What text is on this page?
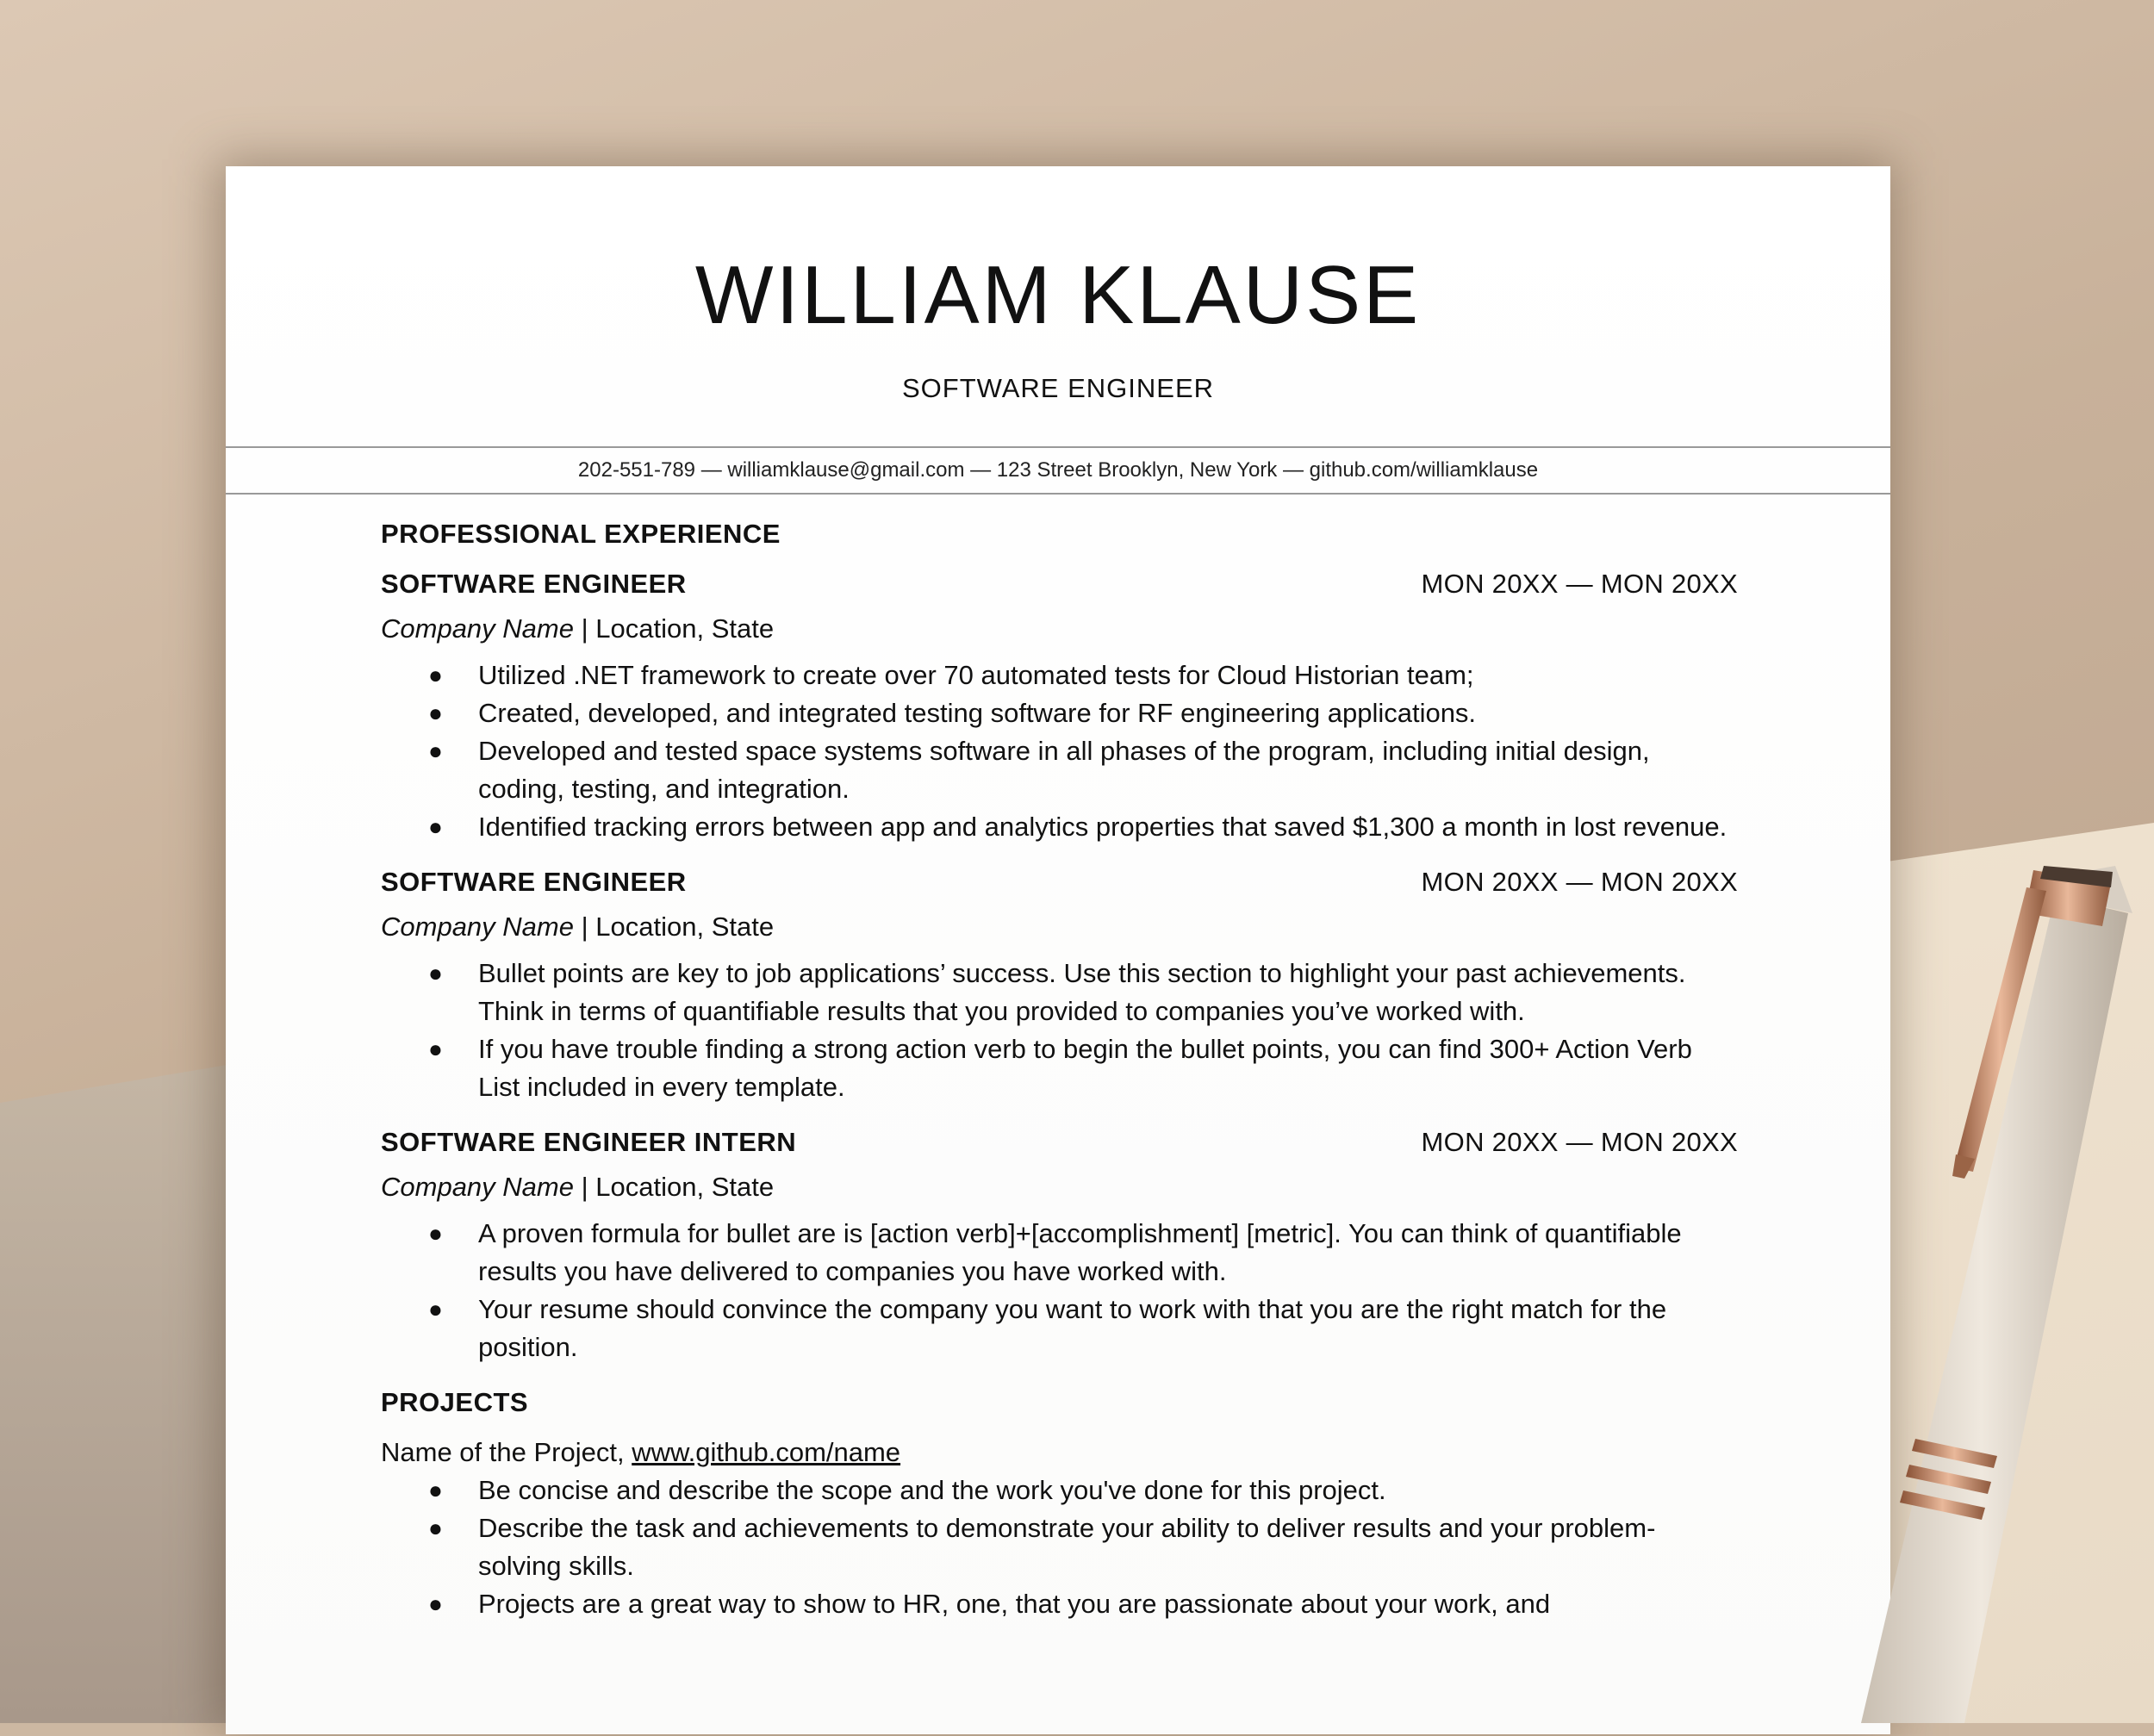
WILLIAM KLAUSE
SOFTWARE ENGINEER
202-551-789 — williamklause@gmail.com — 123 Street Brooklyn, New York — github.com/williamklause
PROFESSIONAL EXPERIENCE
SOFTWARE ENGINEER	MON 20XX — MON 20XX
Company Name | Location, State
● Utilized .NET framework to create over 70 automated tests for Cloud Historian team;
● Created, developed, and integrated testing software for RF engineering applications.
● Developed and tested space systems software in all phases of the program, including initial design, coding, testing, and integration.
● Identified tracking errors between app and analytics properties that saved $1,300 a month in lost revenue.
SOFTWARE ENGINEER	MON 20XX — MON 20XX
Company Name | Location, State
● Bullet points are key to job applications’ success. Use this section to highlight your past achievements. Think in terms of quantifiable results that you provided to companies you’ve worked with.
● If you have trouble finding a strong action verb to begin the bullet points, you can find 300+ Action Verb List included in every template.
SOFTWARE ENGINEER INTERN	MON 20XX — MON 20XX
Company Name | Location, State
● A proven formula for bullet are is [action verb]+[accomplishment] [metric]. You can think of quantifiable results you have delivered to companies you have worked with.
● Your resume should convince the company you want to work with that you are the right match for the position.
PROJECTS
Name of the Project, www.github.com/name
● Be concise and describe the scope and the work you've done for this project.
● Describe the task and achievements to demonstrate your ability to deliver results and your problem-solving skills.
● Projects are a great way to show to HR, one, that you are passionate about your work, and
